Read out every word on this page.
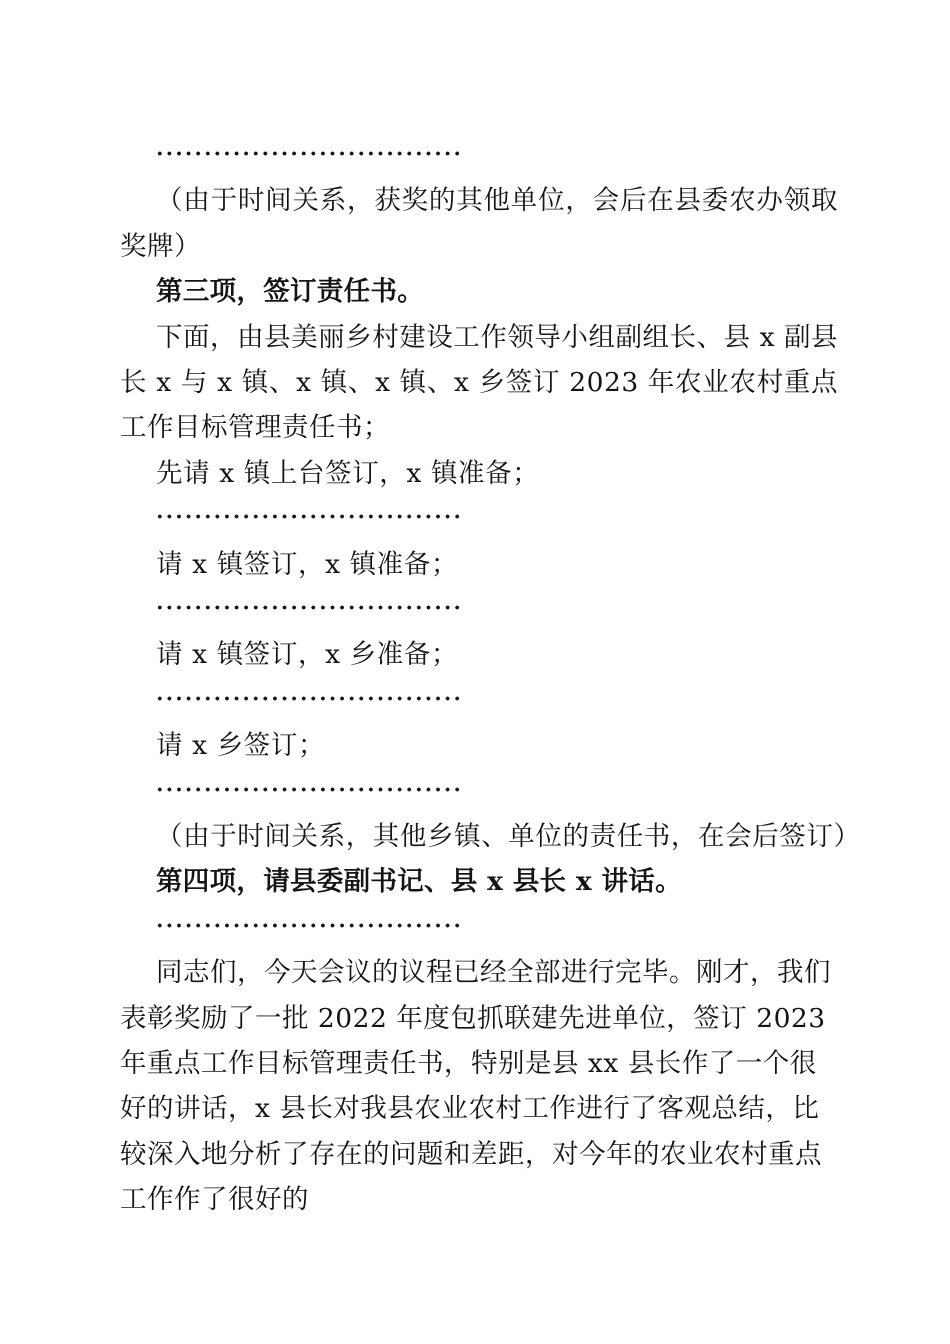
（由于时间关系，获奖的其他单位，会后在县委农办领取奖牌）
第三项，签订责任书。
下面，由县美丽乡村建设工作领导小组副组长、县 x 副县长 x 与 x 镇、x 镇、x 镇、x 乡签订 2023 年农业农村重点工作目标管理责任书；
先请 x 镇上台签订，x 镇准备；
请 x 镇签订，x 镇准备；
请 x 镇签订，x 乡准备；
请 x 乡签订；
（由于时间关系，其他乡镇、单位的责任书，在会后签订）
第四项，请县委副书记、县 x 县长 x 讲话。
同志们，今天会议的议程已经全部进行完毕。刚才，我们表彰奖励了一批 2022 年度包抓联建先进单位，签订 2023 年重点工作目标管理责任书，特别是县 xx 县长作了一个很好的讲话，x 县长对我县农业农村工作进行了客观总结，比较深入地分析了存在的问题和差距，对今年的农业农村重点工作作了很好的
